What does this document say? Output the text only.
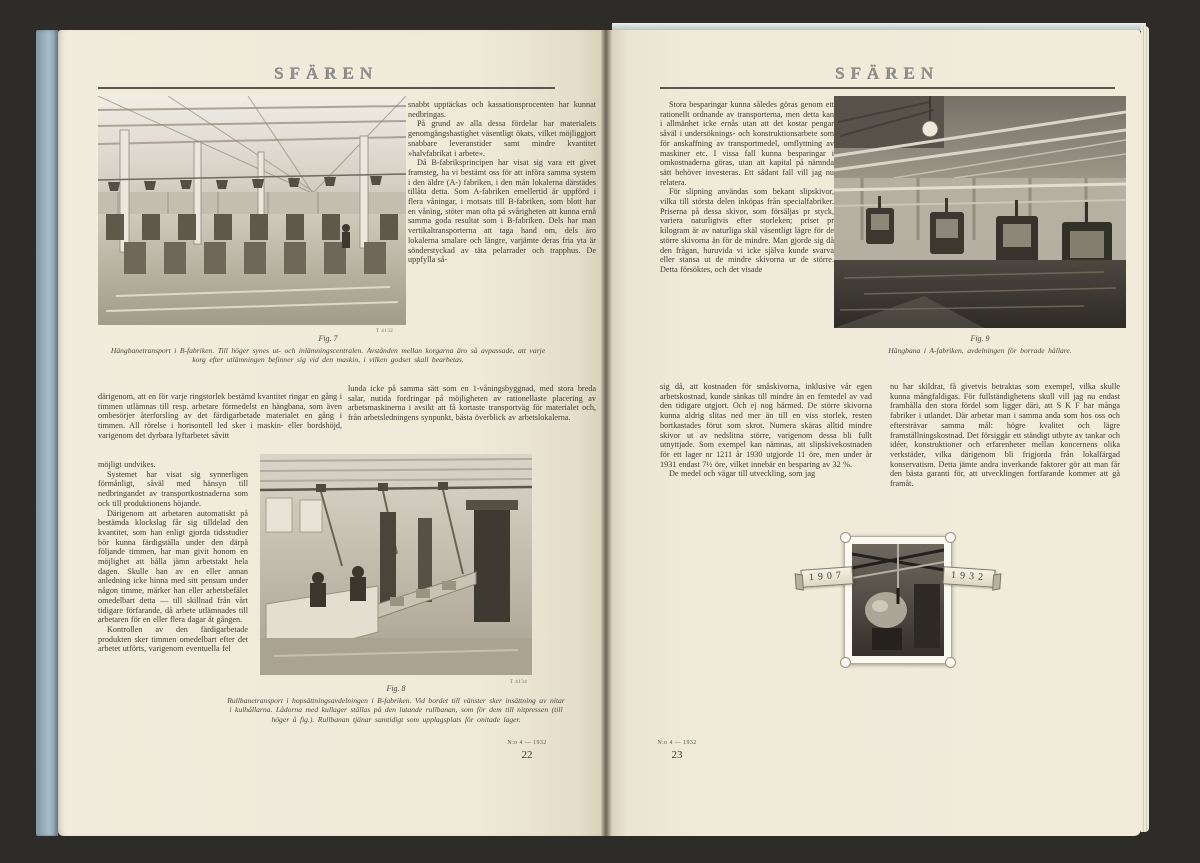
SFÄREN
T 4132

snabbt upptäckas och kassationsprocenten har kunnat nedbringas.

På grund av alla dessa fördelar har materialets genomgångshastighet väsentligt ökats, vilket möjliggjort snabbare leveranstider samt mindre kvantitet »halvfabrikat i arbete».

Då B-fabriksprincipen har visat sig vara ett givet framsteg, ha vi bestämt oss för att införa samma system i den äldre (A-) fabriken, i den mån lokalerna därstädes tillåta detta. Som A-fabriken emellertid är uppförd i flera våningar, i motsats till B-fabriken, som blott har en våning, stöter man ofta på svårigheten att kunna ernå samma goda resultat som i B-fabriken. Dels har man vertikaltransporterna att taga hand om, dels äro lokalerna smalare och längre, varjämte deras fria yta är sönderstyckad av täta pelarrader och trapphus. De uppfylla så-

Fig. 7

Hängbanetransport i B-fabriken. Till höger synes ut- och inlämningscentralen. Avstånden mellan korgarna äro så avpassade, att varje korg efter utlämningen befinner sig vid den maskin, i vilken godset skall bearbetas.

därigenom, att en för varje ringstorlek bestämd kvantitet ringar en gång i timmen utlämnas till resp. arbetare förmedelst en hängbana, som även ombesörjer återforsling av det färdigarbetade materialet en gång i timmen. All rörelse i horisontell led sker i maskin- eller bordshöjd, varigenom det dyrbara lyftarbetet såvitt

lunda icke på samma sätt som en 1-våningsbyggnad, med stora breda salar, nutida fordringar på möjligheten av rationellaste placering av arbetsmaskinerna i avsikt att få kortaste transportväg för materialet och, från arbetsledningens synpunkt, bästa överblick av arbetslokalerna.

möjligt undvikes.

Systemet har visat sig synnerligen förmånligt, såväl med hänsyn till nedbringandet av transportkostnaderna som ock till produktionens höjande.

Därigenom att arbetaren automatiskt på bestämda klockslag får sig tilldelad den kvantitet, som han enligt gjorda tidsstudier bör kunna färdigställa under den därpå följande timmen, har man givit honom en möjlighet att hålla jämn arbetstakt hela dagen. Skulle han av en eller annan anledning icke hinna med sitt pensum under någon timme, märker han eller arbetsbefälet omedelbart detta — till skillnad från vårt tidigare förfarande, då arbete utlämnades till arbetaren för en eller flera dagar åt gången.

Kontrollen av den färdigarbetade produkten sker timmen omedelbart efter det arbetet utförts, varigenom eventuella fel

Fig. 8

Rullbanetransport i hopsättningsavdelningen i B-fabriken. Vid bordet till vänster sker insättning av nitar i kulhållarna. Lådorna med kullager ställas på den lutande rullbanan, som för dem till nitpressen (till höger å fig.). Rullbanan tjänar samtidigt som upplagsplats för onitade lager.

T 4134
N:o 4 — 1932
22
SFÄREN

Stora besparingar kunna således göras genom ett rationellt ordnande av transporterna, men detta kan i allmänhet icke ernås utan att det kostar pengar såväl i undersöknings- och konstruktionsarbete som för anskaffning av transportmedel, omflyttning av maskiner etc. I vissa fall kunna besparingar i omkostnaderna göras, utan att kapital på nämnda sätt behöver investeras. Ett sådant fall vill jag nu relatera.

För slipning användas som bekant slipskivor, vilka till största delen inköpas från specialfabriker. Priserna på dessa skivor, som försäljas pr styck, variera naturligtvis efter storleken; priset pr kilogram är av naturliga skäl väsentligt lägre för de större skivorna än för de mindre. Man gjorde sig då den frågan, huruvida vi icke själva kunde svarva eller stansa ut de mindre skivorna ur de större. Detta försöktes, och det visade

Fig. 9

Hängbana i A-fabriken, avdelningen för borrade hållare.

sig då, att kostnaden för småskivorna, inklusive vår egen arbetskostnad, kunde sänkas till mindre än en femtedel av vad den tidigare utgjort. Och ej nog härmed. De större skivorna kunna aldrig slitas ned mer än till en viss storlek, resten bortkastades förut som skrot. Numera skäras alltid mindre skivor ut av nedslitna större, varigenom dessa bli fullt utnyttjade. Som exempel kan nämnas, att slipskivekostnaden för ett lager nr 1211 år 1930 utgjorde 11 öre, men under år 1931 endast 7½ öre, vilket innebär en besparing av 32 %.

De medel och vägar till utveckling, som jag

nu har skildrat, få givetvis betraktas som exempel, vilka skulle kunna mångfaldigas. För fullständighetens skull vill jag nu endast framhålla den stora fördel som ligger däri, att S K F har många fabriker i utlandet. Där arbetar man i samma anda som hos oss och eftersträvar samma mål: högre kvalitet och lägre framställningskostnad. Det försiggår ett ständigt utbyte av tankar och idéer, konstruktioner och erfarenheter mellan koncernens olika verkstäder, vilka därigenom bli frigjorda från lokalfärgad konservatism. Detta jämte andra inverkande faktorer gör att man får den bästa garanti för, att utvecklingen fortfarande kommer att gå framåt.

1907	1932
N:o 4 — 1932
23
